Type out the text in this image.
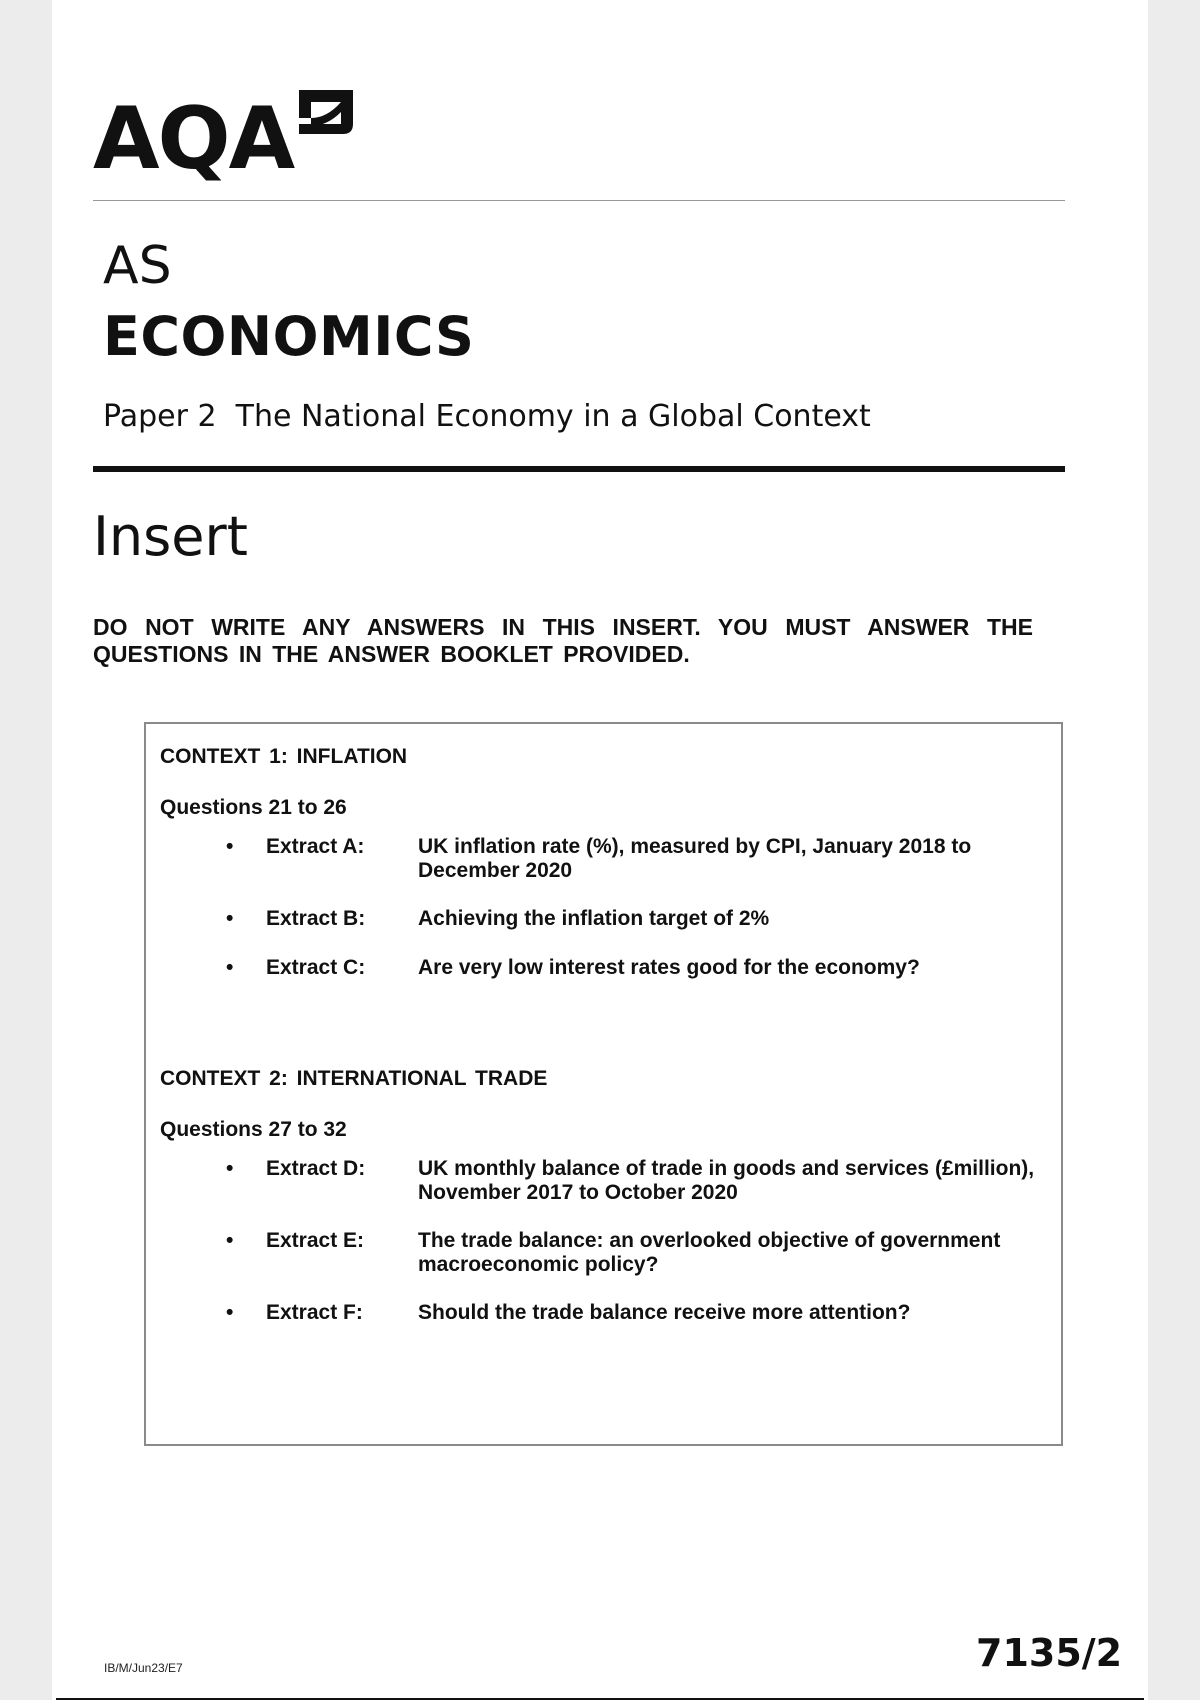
AQA
AS
ECONOMICS
Paper 2  The National Economy in a Global Context
Insert
DO NOT WRITE ANY ANSWERS IN THIS INSERT. YOU MUST ANSWER THE QUESTIONS IN THE ANSWER BOOKLET PROVIDED.
CONTEXT 1: INFLATION
Questions 21 to 26
• Extract A:	UK inflation rate (%), measured by CPI, January 2018 to December 2020
• Extract B:	Achieving the inflation target of 2%
• Extract C:	Are very low interest rates good for the economy?
CONTEXT 2: INTERNATIONAL TRADE
Questions 27 to 32
• Extract D:	UK monthly balance of trade in goods and services (£million), November 2017 to October 2020
• Extract E:	The trade balance: an overlooked objective of government macroeconomic policy?
• Extract F:	Should the trade balance receive more attention?
IB/M/Jun23/E7	7135/2
